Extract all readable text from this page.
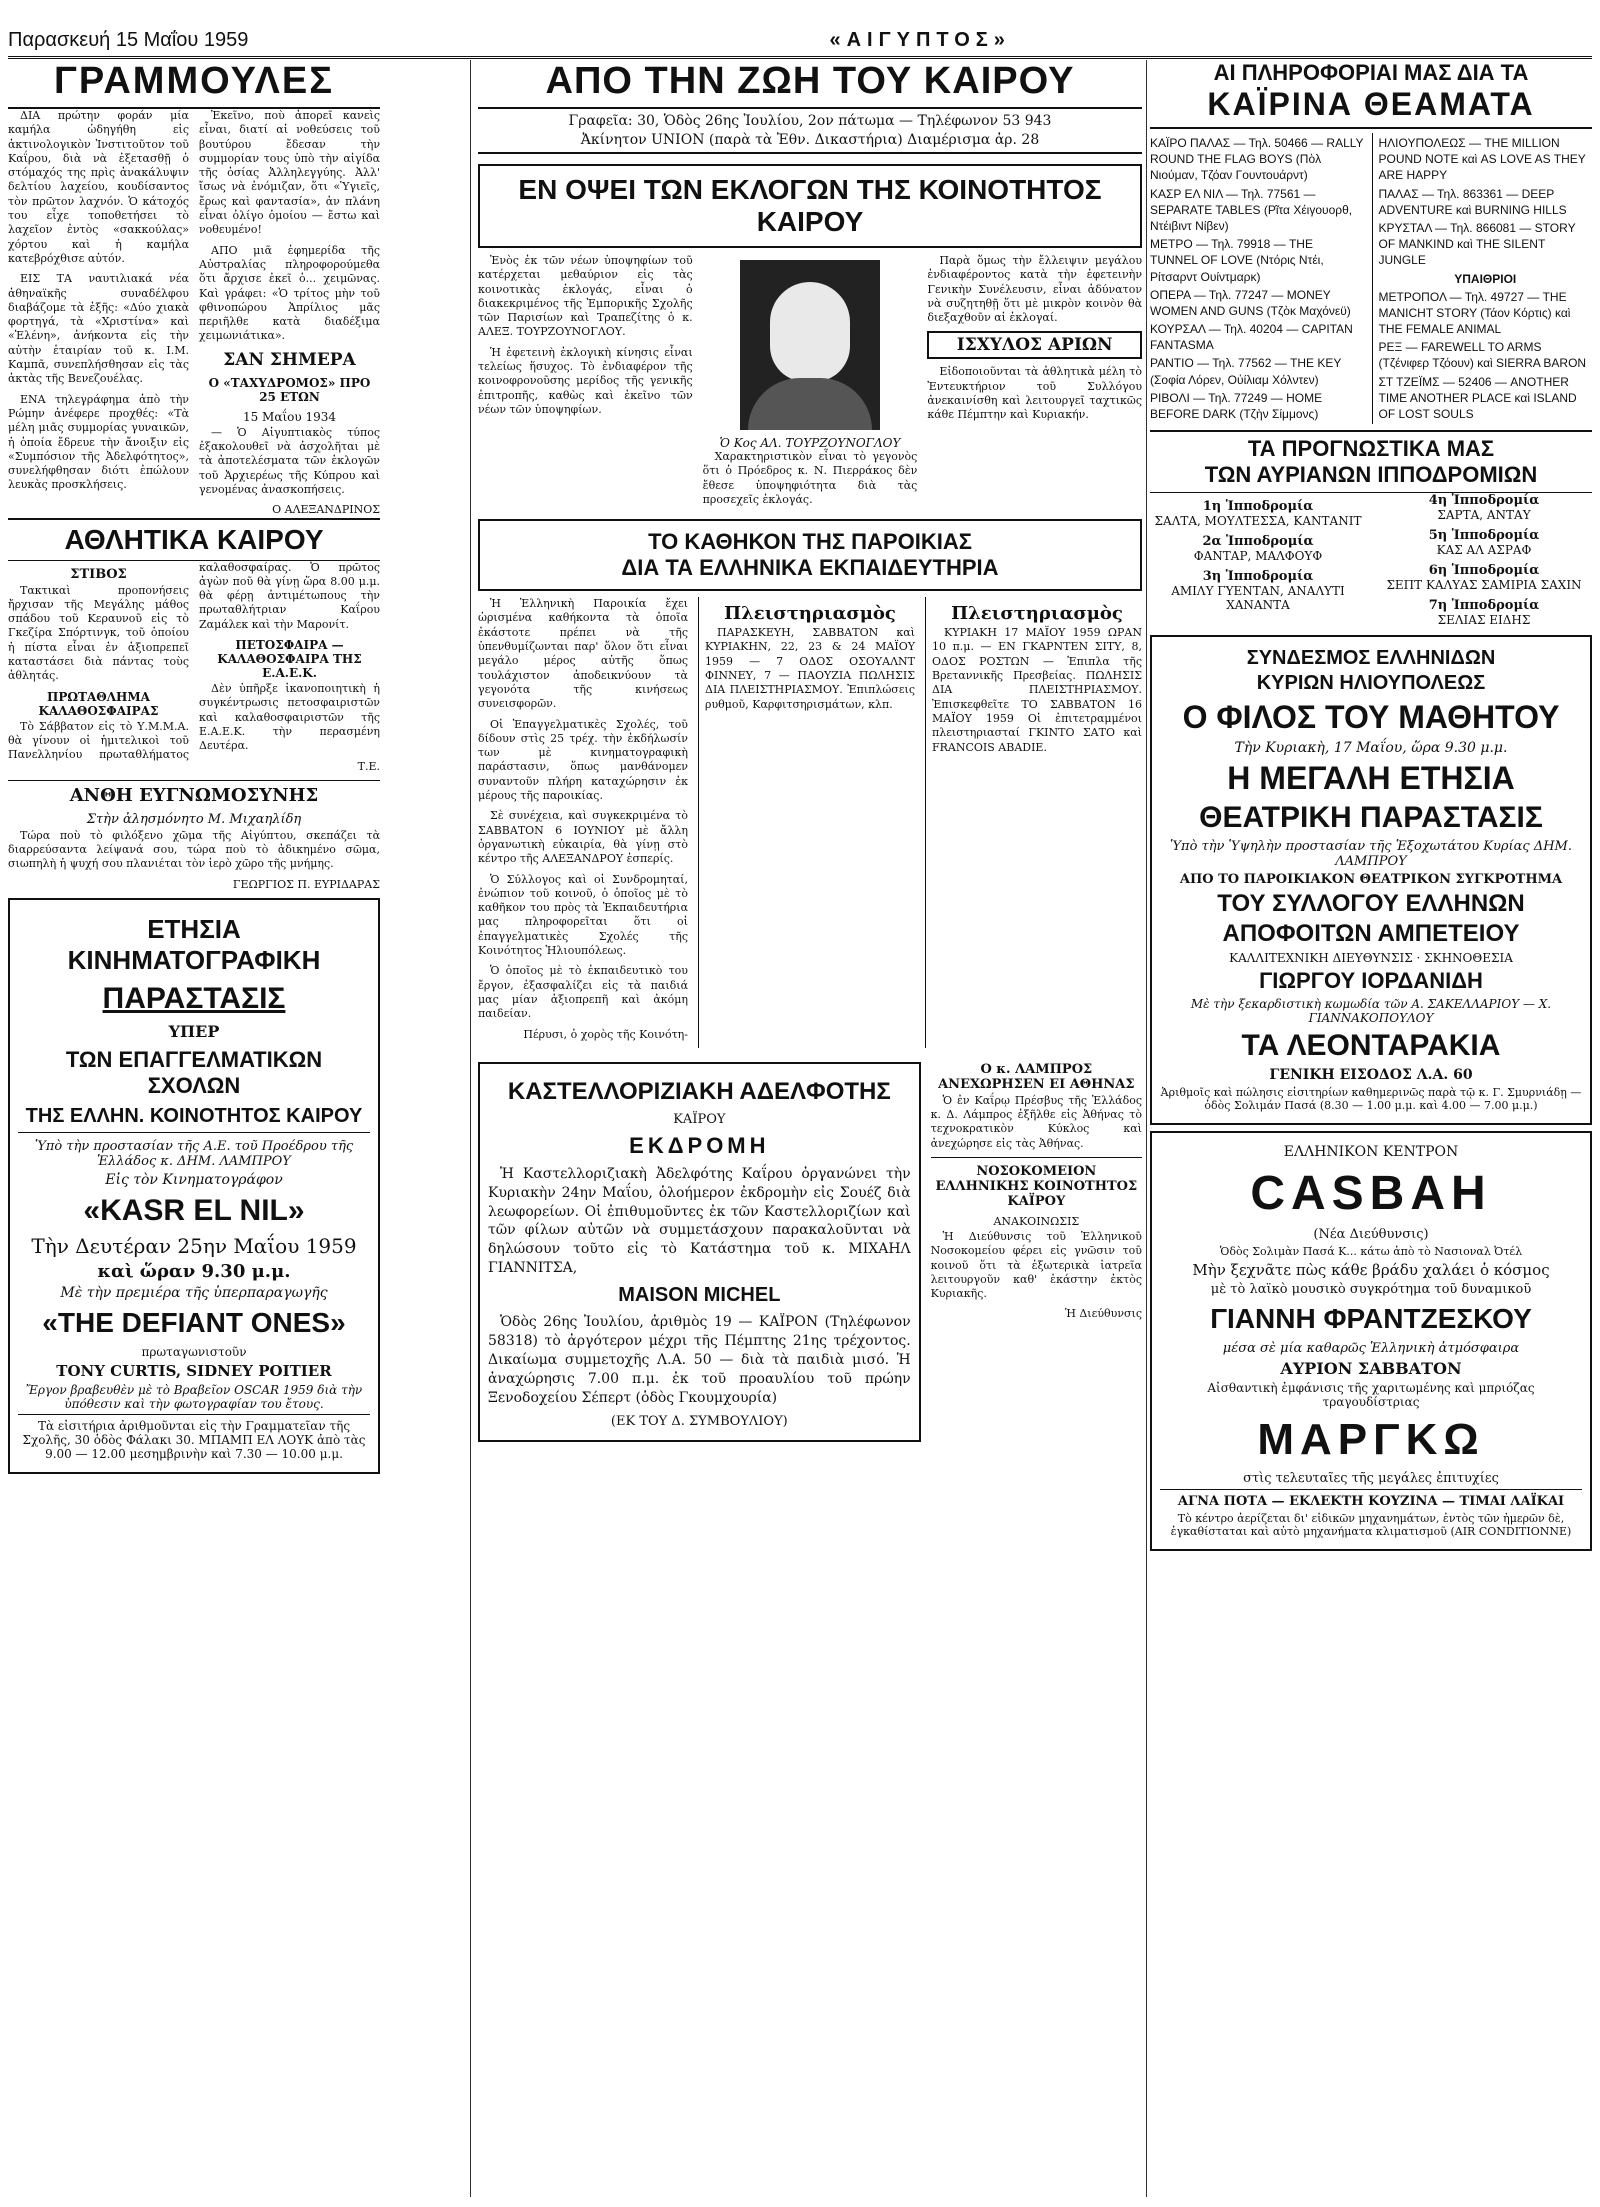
Παρασκευή 15 Μαΐου 1959	«ΑΙΓΥΠΤΟΣ»
ΓΡΑΜΜΟΥΛΕΣ

ΔΙΑ πρώτην φοράν μία καμήλα ὡδηγήθη εἰς ἀκτινολογικὸν Ἰνστιτοῦτον τοῦ Καΐρου, διὰ νὰ ἐξετασθῇ ὁ στόμαχός της πρὶς ἀνακάλυψιν δελτίου λαχείου, κουδίσαντος τὸν πρῶτον λαχνόν. Ὁ κάτοχός του εἶχε τοποθετήσει τὸ λαχεῖον ἐντὸς «σακκούλας» χόρτου καὶ ἡ καμήλα κατεβρόχθισε αὐτόν.

ΕΙΣ ΤΑ ναυτιλιακά νέα ἀθηναϊκῆς συναδέλφου διαβάζομε τὰ ἑξῆς: «Δύο χιακὰ φορτηγά, τὰ «Χριστίνα» καὶ «Ἐλένη», ἀνήκοντα εἰς τὴν αὐτὴν ἑταιρίαν τοῦ κ. Ι.Μ. Καμπᾶ, συνεπλήσθησαν εἰς τὰς ἀκτὰς τῆς Βενεζουέλας.

ΕΝΑ τηλεγράφημα ἀπὸ τὴν Ρώμην ἀνέφερε προχθές: «Τὰ μέλη μιᾶς συμμορίας γυναικῶν, ἡ ὁποία ἔδρευε τὴν ἄνοιξιν εἰς «Συμπόσιον τῆς Ἀδελφότητος», συνελήφθησαν διότι ἐπώλουν λευκὰς προσκλήσεις.

Ἐκεῖνο, ποὺ ἀπορεῖ κανεὶς εἶναι, διατί αἱ νοθεύσεις τοῦ βουτύρου ἔδεσαν τὴν συμμορίαν τους ὑπὸ τὴν αἰγίδα τῆς ὀσίας Ἀλληλεγγύης. Ἀλλ' ἴσως νὰ ἐνόμιζαν, ὅτι «Ὑγιεῖς, ἔρως καὶ φαντασία», ἀν πλάνη εἶναι ὀλίγο ὁμοίου — ἔστω καὶ νοθευμένο!

ΑΠΟ μιᾶ ἐφημερίδα τῆς Αὐστραλίας πληροφορούμεθα ὅτι ἄρχισε ἐκεῖ ὁ... χειμῶνας. Καὶ γράφει: «Ὁ τρίτος μὴν τοῦ φθινοπώρου Ἀπρίλιος μᾶς περιῆλθε κατὰ διαδέξιμα χειμωνιάτικα».

ΣΑΝ ΣΗΜΕΡΑ
Ο «ΤΑΧΥΔΡΟΜΟΣ» ΠΡΟ 25 ΕΤΩΝ
15 Μαΐου 1934

— Ὁ Αἰγυπτιακὸς τύπος ἐξακολουθεῖ νὰ ἀσχολῆται μὲ τὰ ἀποτελέσματα τῶν ἑκλογῶν τοῦ Ἀρχιερέως τῆς Κύπρου καὶ γενομένας ἀνασκοπήσεις.

Ο ΑΛΕΞΑΝΔΡΙΝΟΣ

ΑΘΛΗΤΙΚΑ ΚΑΙΡΟΥ
ΣΤΙΒΟΣ

Τακτικαὶ προπονήσεις ἤρχισαν τῆς Μεγάλης μάθος σπάδου τοῦ Κεραυνοῦ εἰς τὸ Γκεζίρα Σπόρτινγκ, τοῦ ὁποίου ἡ πίστα εἶναι ἐν ἀξιοπρεπεῖ καταστάσει διὰ πάντας τοὺς ἀθλητάς.

ΠΡΩΤΑΘΛΗΜΑ ΚΑΛΑΘΟΣΦΑΙΡΑΣ

Τὸ Σάββατον εἰς τὸ Υ.Μ.Μ.Α. θὰ γίνουν οἱ ἡμιτελικοὶ τοῦ Πανελληνίου πρωταθλήματος καλαθοσφαίρας. Ὁ πρῶτος ἀγὼν ποῦ θὰ γίνῃ ὥρα 8.00 μ.μ. θὰ φέρῃ ἀντιμέτωπους τὴν πρωταθλήτριαν Καΐρου Ζαμάλεκ καὶ τὴν Μαρονίτ.

ΠΕΤΟΣΦΑΙΡΑ — ΚΑΛΑΘΟΣΦΑΙΡΑ ΤΗΣ Ε.Α.Ε.Κ.

Δὲν ὑπῆρξε ἱκανοποιητικὴ ἡ συγκέντρωσις πετοσφαιριστῶν καὶ καλαθοσφαιριστῶν τῆς Ε.Α.Ε.Κ. τὴν περασμένη Δευτέρα.

Τ.Ε.

ΑΝΘΗ ΕΥΓΝΩΜΟΣΥΝΗΣ
Στὴν ἀλησμόνητο Μ. Μιχαηλίδη

Τώρα ποὺ τὸ φιλόξενο χῶμα τῆς Αἰγύπτου, σκεπάζει τὰ διαρρεύσαντα λείψανά σου, τώρα ποὺ τὸ ἀδικημένο σῶμα, σιωπηλὴ ἡ ψυχή σου πλανιέται τὸν ἱερὸ χῶρο τῆς μνήμης.

ΓΕΩΡΓΙΟΣ Π. ΕΥΡΙΔΑΡΑΣ

ΕΤΗΣΙΑ ΚΙΝΗΜΑΤΟΓΡΑΦΙΚΗ
ΠΑΡΑΣΤΑΣΙΣ
ΥΠΕΡ
ΤΩΝ ΕΠΑΓΓΕΛΜΑΤΙΚΩΝ ΣΧΟΛΩΝ
ΤΗΣ ΕΛΛΗΝ. ΚΟΙΝΟΤΗΤΟΣ ΚΑΙΡΟΥ
Ὑπὸ τὴν προστασίαν τῆς Α.Ε. τοῦ Προέδρου τῆς Ἑλλάδος κ. ΔΗΜ. ΛΑΜΠΡΟΥ
Εἰς τὸν Κινηματογράφον
«KASR EL NIL»
Τὴν Δευτέραν 25ην Μαΐου 1959
καὶ ὥραν 9.30 μ.μ.
Μὲ τὴν πρεμιέρα τῆς ὑπερπαραγωγῆς
«THE DEFIANT ONES»
πρωταγωνιστοῦν
TONY CURTIS, SIDNEY POITIER
Ἔργον βραβευθὲν μὲ τὸ Βραβεῖον OSCAR 1959 διὰ τὴν ὑπόθεσιν καὶ τὴν φωτογραφίαν του ἔτους.
Τὰ εἰσιτήρια ἀριθμοῦνται εἰς τὴν Γραμματεῖαν τῆς Σχολῆς, 30 ὁδὸς Φάλακι 30. ΜΠΑΜΠ ΕΛ ΛΟΥΚ ἀπὸ τὰς 9.00 — 12.00 μεσημβρινὴν καὶ 7.30 — 10.00 μ.μ.
ΑΠΟ ΤΗΝ ΖΩΗ ΤΟΥ ΚΑΙΡΟΥ
Γραφεῖα: 30, Ὁδὸς 26ης Ἰουλίου, 2ον πάτωμα — Τηλέφωνον 53 943
Ἀκίνητον UNION (παρὰ τὰ Ἐθν. Δικαστήρια) Διαμέρισμα ἀρ. 28
ΕΝ ΟΨΕΙ ΤΩΝ ΕΚΛΟΓΩΝ ΤΗΣ ΚΟΙΝΟΤΗΤΟΣ ΚΑΙΡΟΥ

Ἐνὸς ἐκ τῶν νέων ὑποψηφίων τοῦ κατέρχεται μεθαύριον εἰς τὰς κοινοτικὰς ἐκλογάς, εἶναι ὁ διακεκριμένος τῆς Ἐμπορικῆς Σχολῆς τῶν Παρισίων καὶ Τραπεζίτης ὁ κ. ΑΛΕΞ. ΤΟΥΡΖΟΥΝΟΓΛΟΥ.

Ἡ ἐφετεινὴ ἐκλογικὴ κίνησις εἶναι τελείως ἥσυχος. Τὸ ἐνδιαφέρον τῆς κοινοφρονοῦσης μερίδος τῆς γενικῆς ἐπιτροπῆς, καθὼς καὶ ἐκεῖνο τῶν νέων τῶν ὑποψηφίων.

Ὁ Κος ΑΛ. ΤΟΥΡΖΟΥΝΟΓΛΟΥ

Χαρακτηριστικὸν εἶναι τὸ γεγονὸς ὅτι ὁ Πρόεδρος κ. Ν. Πιερράκος δὲν ἔθεσε ὑποψηφιότητα διὰ τὰς προσεχεῖς ἐκλογάς.

Παρὰ ὅμως τὴν ἔλλειψιν μεγάλου ἐνδιαφέροντος κατὰ τὴν ἐφετεινὴν Γενικὴν Συνέλευσιν, εἶναι ἀδύνατον νὰ συζητηθῇ ὅτι μὲ μικρὸν κοινὸν θὰ διεξαχθοῦν αἱ ἐκλογαί.

ΙΣΧΥΛΟΣ ΑΡΙΩΝ

Εἰδοποιοῦνται τὰ ἀθλητικὰ μέλη τὸ Ἐντευκτήριον τοῦ Συλλόγου ἀνεκαινίσθη καὶ λειτουργεῖ ταχτικῶς κάθε Πέμπτην καὶ Κυριακήν.

ΤΟ ΚΑΘΗΚΟΝ ΤΗΣ ΠΑΡΟΙΚΙΑΣ
ΔΙΑ ΤΑ ΕΛΛΗΝΙΚΑ ΕΚΠΑΙΔΕΥΤΗΡΙΑ

Ἡ Ἑλληνικὴ Παροικία ἔχει ὡρισμένα καθήκοντα τὰ ὁποῖα ἐκάστοτε πρέπει νὰ τῆς ὑπενθυμίζωνται παρ' ὅλον ὅτι εἶναι μεγάλο μέρος αὐτῆς ὅπως τουλάχιστον ἀποδεικνύουν τὰ γεγονότα τῆς κινήσεως συνεισφορῶν.

Οἱ Ἐπαγγελματικὲς Σχολές, τοῦ δίδουν στὶς 25 τρέχ. τὴν ἐκδήλωσίν των μὲ κινηματογραφικὴ παράστασιν, ὅπως μανθάνομεν συναντοῦν πλήρη καταχώρησιν ἐκ μέρους τῆς παροικίας.

Σὲ συνέχεια, καὶ συγκεκριμένα τὸ ΣΑΒΒΑΤΟΝ 6 ΙΟΥΝΙΟΥ μὲ ἄλλη ὀργανωτικὴ εὐκαιρία, θὰ γίνῃ στὸ κέντρο τῆς ΑΛΕΞΑΝΔΡΟΥ ἑσπερίς.

Ὁ Σύλλογος καὶ οἱ Συνδρομηταί, ἐνώπιον τοῦ κοινοῦ, ὁ ὁποῖος μὲ τὸ καθῆκον του πρὸς τὰ Ἐκπαιδευτήρια μας πληροφορεῖται ὅτι οἱ ἐπαγγελματικὲς Σχολές τῆς Κοινότητος Ἡλιουπόλεως.

Ὁ ὁποῖος μὲ τὸ ἐκπαιδευτικὸ του ἔργον, ἐξασφαλίζει εἰς τὰ παιδιά μας μίαν ἀξιοπρεπῆ καὶ ἀκόμη παιδείαν.

Πέρυσι, ὁ χορὸς τῆς Κοινότη-

Πλειστηριασμὸς

ΠΑΡΑΣΚΕΥΗ, ΣΑΒΒΑΤΟΝ καὶ ΚΥΡΙΑΚΗΝ, 22, 23 & 24 ΜΑΪΟΥ 1959 — 7 ΟΔΟΣ ΟΣΟΥΑΛΝΤ ΦΙΝΝΕΥ, 7 — ΠΑΟΥΖΙΑ ΠΩΛΗΣΙΣ ΔΙΑ ΠΛΕΙΣΤΗΡΙΑΣΜΟΥ. Ἐπιπλώσεις ρυθμοῦ, Καρφιτσηρισμάτων, κλπ.

Πλειστηριασμὸς

ΚΥΡΙΑΚΗ 17 ΜΑΪΟΥ 1959 ΩΡΑΝ 10 π.μ. — ΕΝ ΓΚΑΡΝΤΕΝ ΣΙΤΥ, 8, ΟΔΟΣ ΡΟΣΤΩΝ — Ἐπιπλα τῆς Βρεταννικῆς Πρεσβείας. ΠΩΛΗΣΙΣ ΔΙΑ ΠΛΕΙΣΤΗΡΙΑΣΜΟΥ. Ἐπισκεφθεῖτε ΤΟ ΣΑΒΒΑΤΟΝ 16 ΜΑΪΟΥ 1959 Οἱ ἐπιτετραμμένοι πλειστηριασταί ΓΚΙΝΤΟ ΣΑΤΟ καὶ FRANCOIS ABADIE.

ΚΑΣΤΕΛΛΟΡΙΖΙΑΚΗ ΑΔΕΛΦΟΤΗΣ
ΚΑΪΡΟΥ
ΕΚΔΡΟΜΗ

Ἡ Καστελλοριζιακὴ Ἀδελφότης Καΐρου ὀργανώνει τὴν Κυριακὴν 24ην Μαΐου, ὁλοήμερον ἐκδρομὴν εἰς Σουέζ διὰ λεωφορείων. Οἱ ἐπιθυμοῦντες ἐκ τῶν Καστελλοριζίων καὶ τῶν φίλων αὐτῶν νὰ συμμετάσχουν παρακαλοῦνται νὰ δηλώσουν τοῦτο εἰς τὸ Κατάστημα τοῦ κ. ΜΙΧΑΗΛ ΓΙΑΝΝΙΤΣΑ,

MAISON MICHEL

Ὁδὸς 26ης Ἰουλίου, ἀριθμὸς 19 — ΚΑΪΡΟΝ (Τηλέφωνον 58318) τὸ ἀργότερον μέχρι τῆς Πέμπτης 21ης τρέχοντος. Δικαίωμα συμμετοχῆς Λ.Α. 50 — διὰ τὰ παιδιὰ μισό. Ἡ ἀναχώρησις 7.00 π.μ. ἐκ τοῦ προαυλίου τοῦ πρώην Ξενοδοχείου Σέπερτ (ὁδὸς Γκουμχουρία)

(ΕΚ ΤΟΥ Δ. ΣΥΜΒΟΥΛΙΟΥ)
Ο κ. ΛΑΜΠΡΟΣ ΑΝΕΧΩΡΗΣΕΝ ΕΙ ΑΘΗΝΑΣ

Ὁ ἐν Καΐρῳ Πρέσβυς τῆς Ἑλλάδος κ. Δ. Λάμπρος ἐξῆλθε εἰς Ἀθήνας τὸ τεχνοκρατικὸν Κύκλος καὶ ἀνεχώρησε εἰς τὰς Ἀθήνας.

ΝΟΣΟΚΟΜΕΙΟΝ ΕΛΛΗΝΙΚΗΣ ΚΟΙΝΟΤΗΤΟΣ ΚΑΪΡΟΥ
ΑΝΑΚΟΙΝΩΣΙΣ

Ἡ Διεύθυνσις τοῦ Ἑλληνικοῦ Νοσοκομείου φέρει εἰς γνῶσιν τοῦ κοινοῦ ὅτι τὰ ἐξωτερικὰ ἰατρεῖα λειτουργοῦν καθ' ἑκάστην ἐκτὸς Κυριακῆς.

Ἡ Διεύθυνσις

ΑΙ ΠΛΗΡΟΦΟΡΙΑΙ ΜΑΣ ΔΙΑ ΤΑ
ΚΑΪΡΙΝΑ ΘΕΑΜΑΤΑ
ΚΑΪΡΟ ΠΑΛΑΣ — Τηλ. 50466 — RALLY ROUND THE FLAG BOYS (Πὸλ Νιούμαν, Τζόαν Γουντουάρντ)
ΚΑΣΡ ΕΛ ΝΙΛ — Τηλ. 77561 — SEPARATE TABLES (Ρῖτα Χέιγουορθ, Ντέιβιντ Νίβεν)
ΜΕΤΡΟ — Τηλ. 79918 — THE TUNNEL OF LOVE (Ντόρις Ντέι, Ρίτσαρντ Ουίντμαρκ)
ΟΠΕΡΑ — Τηλ. 77247 — MONEY WOMEN AND GUNS (Τζὸκ Μαχόνεϋ)
ΚΟΥΡΣΑΛ — Τηλ. 40204 — CAPITAN FANTASMA
ΡΑΝΤΙΟ — Τηλ. 77562 — THE KEY (Σοφία Λόρεν, Οὐίλιαμ Χόλντεν)
ΡΙΒΟΛΙ — Τηλ. 77249 — HOME BEFORE DARK (Τζὴν Σίμμονς)
ΗΛΙΟΥΠΟΛΕΩΣ — THE MILLION POUND NOTE καὶ AS LOVE AS THEY ARE HAPPY
ΠΑΛΑΣ — Τηλ. 863361 — DEEP ADVENTURE καὶ BURNING HILLS
ΚΡΥΣΤΑΛ — Τηλ. 866081 — STORY OF MANKIND καὶ THE SILENT JUNGLE
ΥΠΑΙΘΡΙΟΙ
ΜΕΤΡΟΠΟΛ — Τηλ. 49727 — THE MANICHT STORY (Τάον Κόρτις) καὶ THE FEMALE ANIMAL
ΡΕΞ — FAREWELL TO ARMS (Τζένιφερ Τζόουν) καὶ SIERRA BARON
ΣΤ ΤΖΕΪΜΣ — 52406 — ANOTHER TIME ANOTHER PLACE καὶ ISLAND OF LOST SOULS
ΤΑ ΠΡΟΓΝΩΣΤΙΚΑ ΜΑΣ
ΤΩΝ ΑΥΡΙΑΝΩΝ ΙΠΠΟΔΡΟΜΙΩΝ
1η Ἱπποδρομία
ΣΑΛΤΑ, ΜΟΥΛΤΕΣΣΑ, ΚΑΝΤΑΝΙΤ
2α Ἱπποδρομία
ΦΑΝΤΑΡ, ΜΑΛΦΟΥΦ
3η Ἱπποδρομία
ΑΜΙΛΥ ΓΥΕΝΤΑΝ, ΑΝΑΛΥΤΙ ΧΑΝΑΝΤΑ
4η Ἱπποδρομία
ΣΑΡΤΑ, ΑΝΤΑΥ
5η Ἱπποδρομία
ΚΑΣ ΑΛ ΑΣΡΑΦ
6η Ἱπποδρομία
ΣΕΠΤ ΚΑΛΥΑΣ ΣΑΜΙΡΙΑ ΣΑΧΙΝ
7η Ἱπποδρομία
ΣΕΛΙΑΣ ΕΙΔΗΣ
ΣΥΝΔΕΣΜΟΣ ΕΛΛΗΝΙΔΩΝ
ΚΥΡΙΩΝ ΗΛΙΟΥΠΟΛΕΩΣ
Ο ΦΙΛΟΣ ΤΟΥ ΜΑΘΗΤΟΥ
Τὴν Κυριακὴ, 17 Μαΐου, ὥρα 9.30 μ.μ.
Η ΜΕΓΑΛΗ ΕΤΗΣΙΑ
ΘΕΑΤΡΙΚΗ ΠΑΡΑΣΤΑΣΙΣ
Ὑπὸ τὴν Ὑψηλὴν προστασίαν τῆς Ἐξοχωτάτου Κυρίας ΔΗΜ. ΛΑΜΠΡΟΥ
ΑΠΟ ΤΟ ΠΑΡΟΙΚΙΑΚΟΝ ΘΕΑΤΡΙΚΟΝ ΣΥΓΚΡΟΤΗΜΑ
ΤΟΥ ΣΥΛΛΟΓΟΥ ΕΛΛΗΝΩΝ
ΑΠΟΦΟΙΤΩΝ ΑΜΠΕΤΕΙΟΥ
ΚΑΛΛΙΤΕΧΝΙΚΗ ΔΙΕΥΘΥΝΣΙΣ · ΣΚΗΝΟΘΕΣΙΑ
ΓΙΩΡΓΟΥ ΙΟΡΔΑΝΙΔΗ
Μὲ τὴν ξεκαρδιστικὴ κωμωδία τῶν Α. ΣΑΚΕΛΛΑΡΙΟΥ — Χ. ΓΙΑΝΝΑΚΟΠΟΥΛΟΥ
ΤΑ ΛΕΟΝΤΑΡΑΚΙΑ
ΓΕΝΙΚΗ ΕΙΣΟΔΟΣ Λ.Α. 60
Ἀριθμοῖς καὶ πώλησις εἰσιτηρίων καθημερινῶς παρὰ τῷ κ. Γ. Σμυρνιάδῃ — ὁδὸς Σολιμάν Πασά (8.30 — 1.00 μ.μ. καὶ 4.00 — 7.00 μ.μ.)
ΕΛΛΗΝΙΚΟΝ ΚΕΝΤΡΟΝ
CASBAH
(Νέα Διεύθυνσις)
Ὁδὸς Σολιμὰν Πασά Κ... κάτω ἀπὸ τὸ Νασιοναλ Ὀτέλ
Μὴν ξεχνᾶτε πὼς κάθε βράδυ χαλάει ὁ κόσμος
μὲ τὸ λαϊκὸ μουσικὸ συγκρότημα τοῦ δυναμικοῦ
ΓΙΑΝΝΗ ΦΡΑΝΤΖΕΣΚΟΥ
μέσα σὲ μία καθαρῶς Ἑλληνικὴ ἀτμόσφαιρα
ΑΥΡΙΟΝ ΣΑΒΒΑΤΟΝ
Αἰσθαντικὴ ἐμφάνισις τῆς χαριτωμένης καὶ μπριόζας τραγουδίστριας
ΜΑΡΓΚΩ
στὶς τελευταῖες τῆς μεγάλες ἐπιτυχίες
ΑΓΝΑ ΠΟΤΑ — ΕΚΛΕΚΤΗ ΚΟΥΖΙΝΑ — ΤΙΜΑΙ ΛΑΪΚΑΙ
Τὸ κέντρο ἀερίζεται δι' εἰδικῶν μηχανημάτων, ἐντὸς τῶν ἡμερῶν δὲ, ἐγκαθίσταται καὶ αὐτὸ μηχανήματα κλιματισμοῦ (AIR CONDITIONNE)
